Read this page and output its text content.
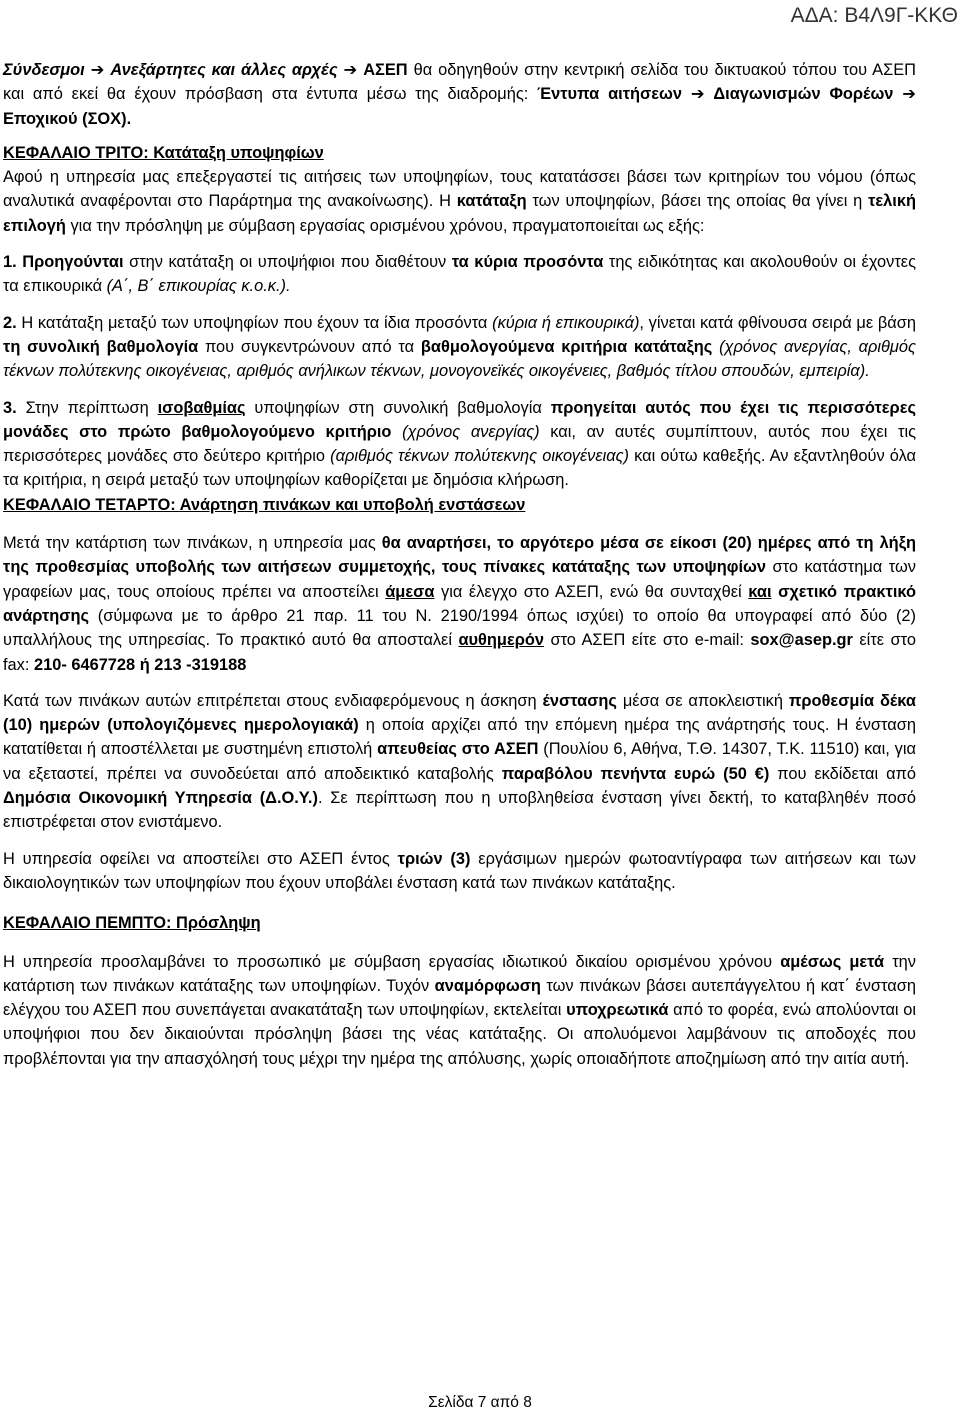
ΑΔΑ: Β4Λ9Γ-ΚΚΘ

Σύνδεσμοι ➔ Ανεξάρτητες και άλλες αρχές ➔ ΑΣΕΠ θα οδηγηθούν στην κεντρική σελίδα του δικτυακού τόπου του ΑΣΕΠ και από εκεί θα έχουν πρόσβαση στα έντυπα μέσω της διαδρομής: Έντυπα αιτήσεων ➔ Διαγωνισμών Φορέων ➔ Εποχικού (ΣΟΧ).

ΚΕΦΑΛΑΙΟ ΤΡΙΤΟ: Κατάταξη υποψηφίων

Αφού η υπηρεσία μας επεξεργαστεί τις αιτήσεις των υποψηφίων, τους κατατάσσει βάσει των κριτηρίων του νόμου (όπως αναλυτικά αναφέρονται στο Παράρτημα της ανακοίνωσης). Η κατάταξη των υποψηφίων, βάσει της οποίας θα γίνει η τελική επιλογή για την πρόσληψη με σύμβαση εργασίας ορισμένου χρόνου, πραγματοποιείται ως εξής:

1. Προηγούνται στην κατάταξη οι υποψήφιοι που διαθέτουν τα κύρια προσόντα της ειδικότητας και ακολουθούν οι έχοντες τα επικουρικά (Α΄, Β΄ επικουρίας κ.ο.κ.).

2. Η κατάταξη μεταξύ των υποψηφίων που έχουν τα ίδια προσόντα (κύρια ή επικουρικά), γίνεται κατά φθίνουσα σειρά με βάση τη συνολική βαθμολογία που συγκεντρώνουν από τα βαθμολογούμενα κριτήρια κατάταξης (χρόνος ανεργίας, αριθμός τέκνων πολύτεκνης οικογένειας, αριθμός ανήλικων τέκνων, μονογονεϊκές οικογένειες, βαθμός τίτλου σπουδών, εμπειρία).

3. Στην περίπτωση ισοβαθμίας υποψηφίων στη συνολική βαθμολογία προηγείται αυτός που έχει τις περισσότερες μονάδες στο πρώτο βαθμολογούμενο κριτήριο (χρόνος ανεργίας) και, αν αυτές συμπίπτουν, αυτός που έχει τις περισσότερες μονάδες στο δεύτερο κριτήριο (αριθμός τέκνων πολύτεκνης οικογένειας) και ούτω καθεξής. Αν εξαντληθούν όλα τα κριτήρια, η σειρά μεταξύ των υποψηφίων καθορίζεται με δημόσια κλήρωση.

ΚΕΦΑΛΑΙΟ ΤΕΤΑΡΤΟ: Ανάρτηση πινάκων και υποβολή ενστάσεων

Μετά την κατάρτιση των πινάκων, η υπηρεσία μας θα αναρτήσει, το αργότερο μέσα σε είκοσι (20) ημέρες από τη λήξη της προθεσμίας υποβολής των αιτήσεων συμμετοχής, τους πίνακες κατάταξης των υποψηφίων στο κατάστημα των γραφείων μας, τους οποίους πρέπει να αποστείλει άμεσα για έλεγχο στο ΑΣΕΠ, ενώ θα συνταχθεί και σχετικό πρακτικό ανάρτησης (σύμφωνα με το άρθρο 21 παρ. 11 του Ν. 2190/1994 όπως ισχύει) το οποίο θα υπογραφεί από δύο (2) υπαλλήλους της υπηρεσίας. Το πρακτικό αυτό θα αποσταλεί αυθημερόν στο ΑΣΕΠ είτε στο e-mail: sox@asep.gr είτε στο fax: 210- 6467728 ή 213 -319188

Κατά των πινάκων αυτών επιτρέπεται στους ενδιαφερόμενους η άσκηση ένστασης μέσα σε αποκλειστική προθεσμία δέκα (10) ημερών (υπολογιζόμενες ημερολογιακά) η οποία αρχίζει από την επόμενη ημέρα της ανάρτησής τους. Η ένσταση κατατίθεται ή αποστέλλεται με συστημένη επιστολή απευθείας στο ΑΣΕΠ (Πουλίου 6, Αθήνα, Τ.Θ. 14307, Τ.Κ. 11510) και, για να εξεταστεί, πρέπει να συνοδεύεται από αποδεικτικό καταβολής παραβόλου πενήντα ευρώ (50 €) που εκδίδεται από Δημόσια Οικονομική Υπηρεσία (Δ.Ο.Υ.). Σε περίπτωση που η υποβληθείσα ένσταση γίνει δεκτή, το καταβληθέν ποσό επιστρέφεται στον ενιστάμενο.

Η υπηρεσία οφείλει να αποστείλει στο ΑΣΕΠ έντος τριών (3) εργάσιμων ημερών φωτοαντίγραφα των αιτήσεων και των δικαιολογητικών των υποψηφίων που έχουν υποβάλει ένσταση κατά των πινάκων κατάταξης.

ΚΕΦΑΛΑΙΟ ΠΕΜΠΤΟ: Πρόσληψη

Η υπηρεσία προσλαμβάνει το προσωπικό με σύμβαση εργασίας ιδιωτικού δικαίου ορισμένου χρόνου αμέσως μετά την κατάρτιση των πινάκων κατάταξης των υποψηφίων. Τυχόν αναμόρφωση των πινάκων βάσει αυτεπάγγελτου ή κατ΄ ένσταση ελέγχου του ΑΣΕΠ που συνεπάγεται ανακατάταξη των υποψηφίων, εκτελείται υποχρεωτικά από το φορέα, ενώ απολύονται οι υποψήφιοι που δεν δικαιούνται πρόσληψη βάσει της νέας κατάταξης. Οι απολυόμενοι λαμβάνουν τις αποδοχές που προβλέπονται για την απασχόλησή τους μέχρι την ημέρα της απόλυσης, χωρίς οποιαδήποτε αποζημίωση από την αιτία αυτή.

Σελίδα 7 από 8
